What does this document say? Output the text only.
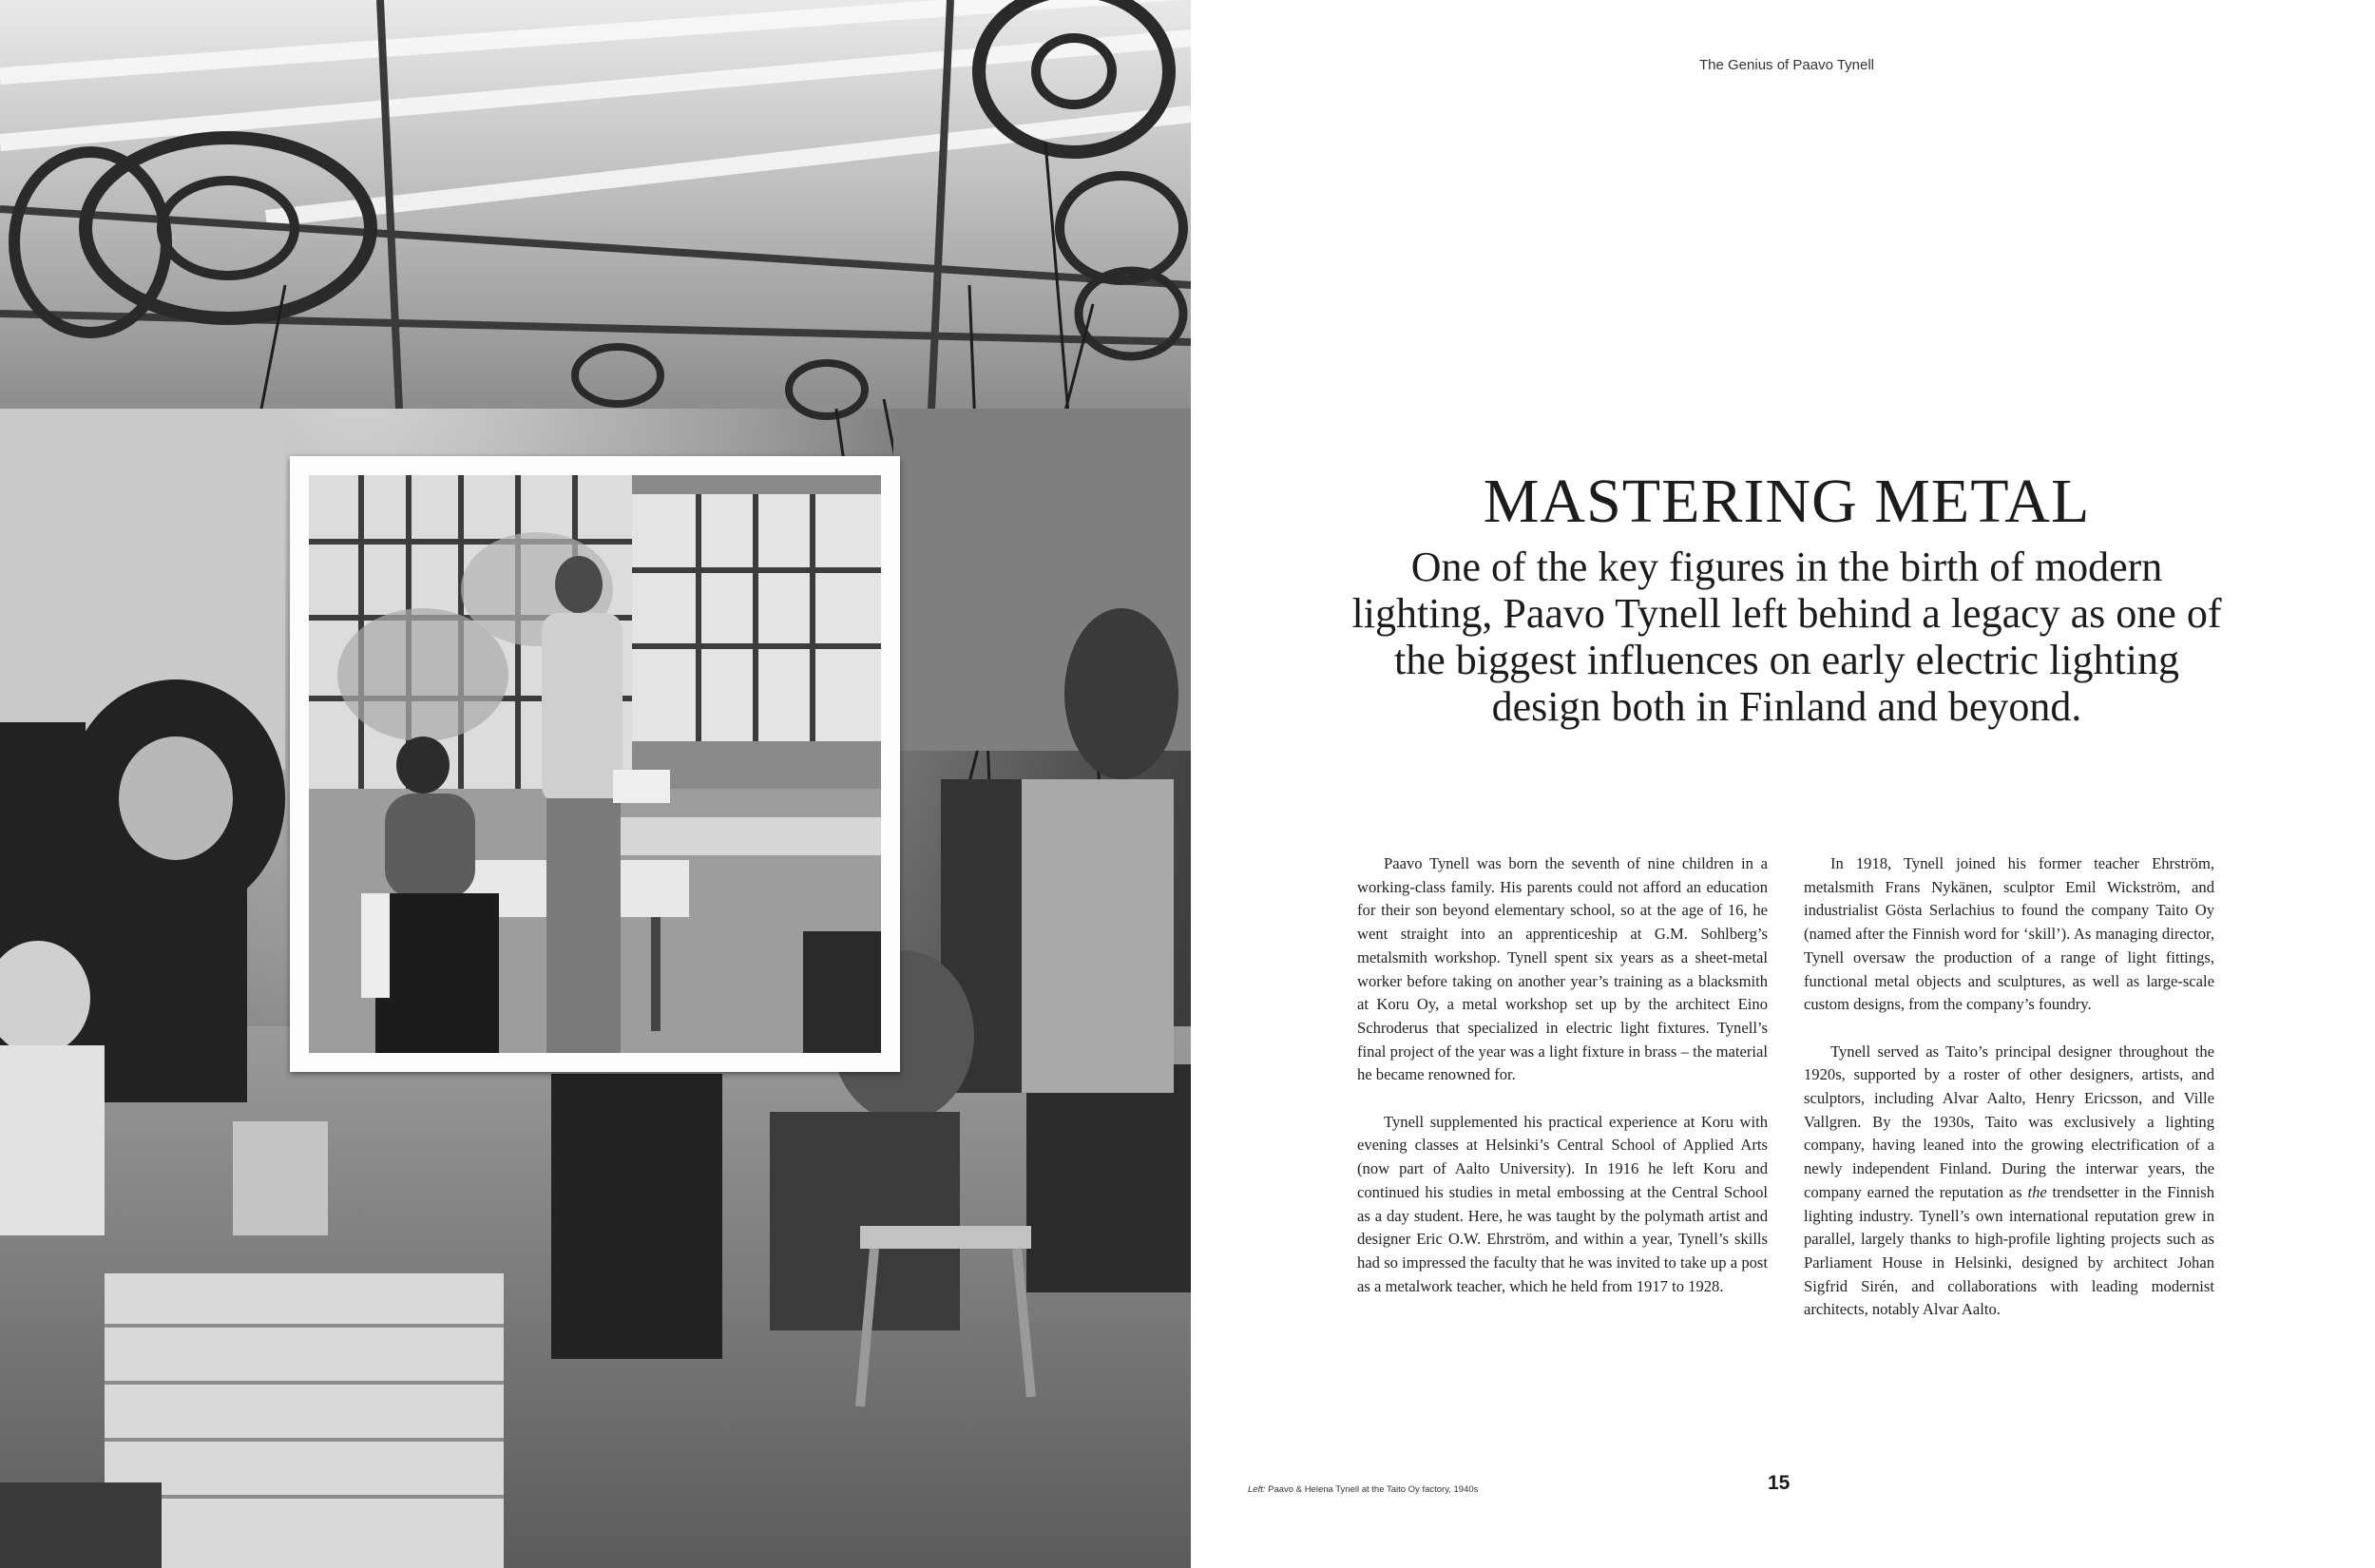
The Genius of Paavo Tynell
MASTERING METAL

One of the key figures in the birth of modern lighting, Paavo Tynell left behind a legacy as one of the biggest influences on early electric lighting design both in Finland and beyond.

Paavo Tynell was born the seventh of nine children in a working-class family. His parents could not afford an education for their son beyond elementary school, so at the age of 16, he went straight into an apprenticeship at G.M. Sohlberg’s metalsmith workshop. Tynell spent six years as a sheet-metal worker before taking on another year’s training as a blacksmith at Koru Oy, a metal workshop set up by the architect Eino Schroderus that specialized in electric light fixtures. Tynell’s final project of the year was a light fixture in brass – the material he became renowned for.

Tynell supplemented his practical experience at Koru with evening classes at Helsinki’s Central School of Applied Arts (now part of Aalto University). In 1916 he left Koru and continued his studies in metal embossing at the Central School as a day student. Here, he was taught by the polymath artist and designer Eric O.W. Ehrström, and within a year, Tynell’s skills had so impressed the faculty that he was invited to take up a post as a metalwork teacher, which he held from 1917 to 1928.

In 1918, Tynell joined his former teacher Ehrström, metalsmith Frans Nykänen, sculptor Emil Wickström, and industrialist Gösta Serlachius to found the company Taito Oy (named after the Finnish word for ‘skill’). As managing director, Tynell oversaw the production of a range of light fittings, functional metal objects and sculptures, as well as large-scale custom designs, from the company’s foundry.

Tynell served as Taito’s principal designer throughout the 1920s, supported by a roster of other designers, artists, and sculptors, including Alvar Aalto, Henry Ericsson, and Ville Vallgren. By the 1930s, Taito was exclusively a lighting company, having leaned into the growing electrification of a newly independent Finland. During the interwar years, the company earned the reputation as the trendsetter in the Finnish lighting industry. Tynell’s own international reputation grew in parallel, largely thanks to high-profile lighting projects such as Parliament House in Helsinki, designed by architect Johan Sigfrid Sirén, and collaborations with leading modernist architects, notably Alvar Aalto.

Left: Paavo & Helena Tynell at the Taito Oy factory, 1940s	15
